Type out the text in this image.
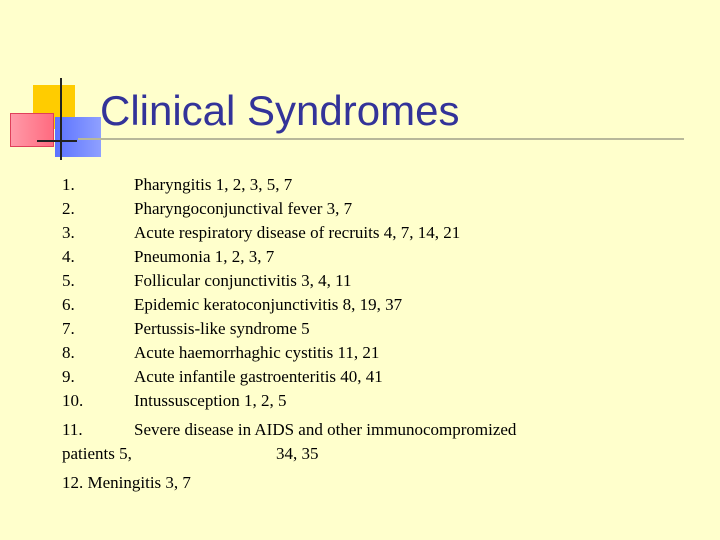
Clinical Syndromes
1.	Pharyngitis 1, 2, 3, 5, 7
2.	Pharyngoconjunctival fever 3, 7
3.	Acute respiratory disease of recruits 4, 7, 14, 21
4.	Pneumonia 1, 2, 3, 7
5.	Follicular conjunctivitis 3, 4, 11
6.	Epidemic keratoconjunctivitis 8, 19, 37
7.	Pertussis-like syndrome 5
8.	Acute haemorrhaghic cystitis 11, 21
9.	Acute infantile gastroenteritis 40, 41
10.	Intussusception 1, 2, 5
11.	Severe disease in AIDS and other immunocompromized
patients 5,	34, 35
12. Meningitis 3, 7
